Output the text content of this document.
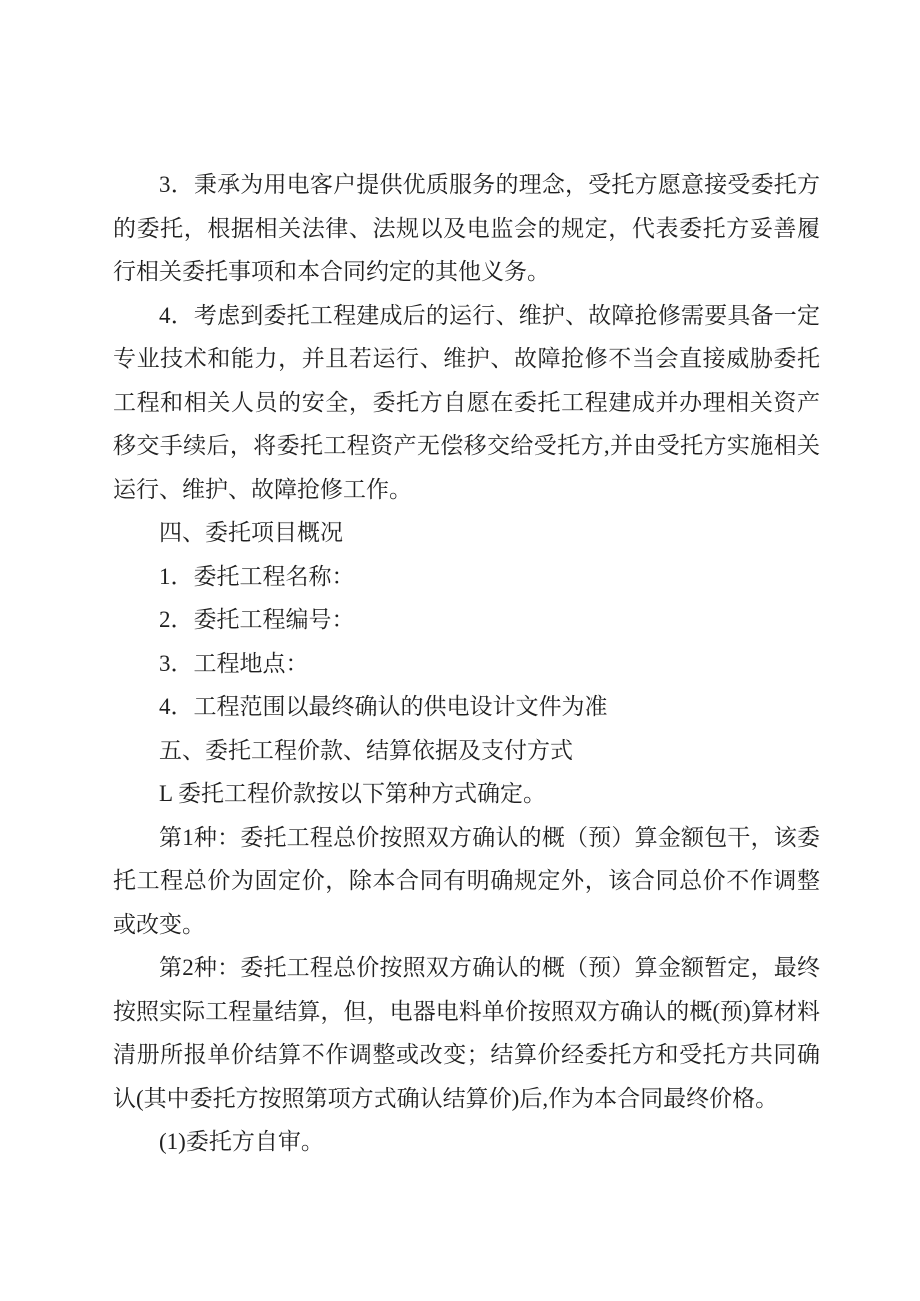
3．秉承为用电客户提供优质服务的理念，受托方愿意接受委托方的委托，根据相关法律、法规以及电监会的规定，代表委托方妥善履行相关委托事项和本合同约定的其他义务。

4．考虑到委托工程建成后的运行、维护、故障抢修需要具备一定专业技术和能力，并且若运行、维护、故障抢修不当会直接威胁委托工程和相关人员的安全，委托方自愿在委托工程建成并办理相关资产移交手续后，将委托工程资产无偿移交给受托方,并由受托方实施相关运行、维护、故障抢修工作。

四、委托项目概况

1．委托工程名称：

2．委托工程编号：

3．工程地点：

4．工程范围以最终确认的供电设计文件为准

五、委托工程价款、结算依据及支付方式

L 委托工程价款按以下第种方式确定。

第1种：委托工程总价按照双方确认的概（预）算金额包干，该委托工程总价为固定价，除本合同有明确规定外，该合同总价不作调整或改变。

第2种：委托工程总价按照双方确认的概（预）算金额暂定，最终按照实际工程量结算，但，电器电料单价按照双方确认的概(预)算材料清册所报单价结算不作调整或改变；结算价经委托方和受托方共同确认(其中委托方按照第项方式确认结算价)后,作为本合同最终价格。

(1)委托方自审。
